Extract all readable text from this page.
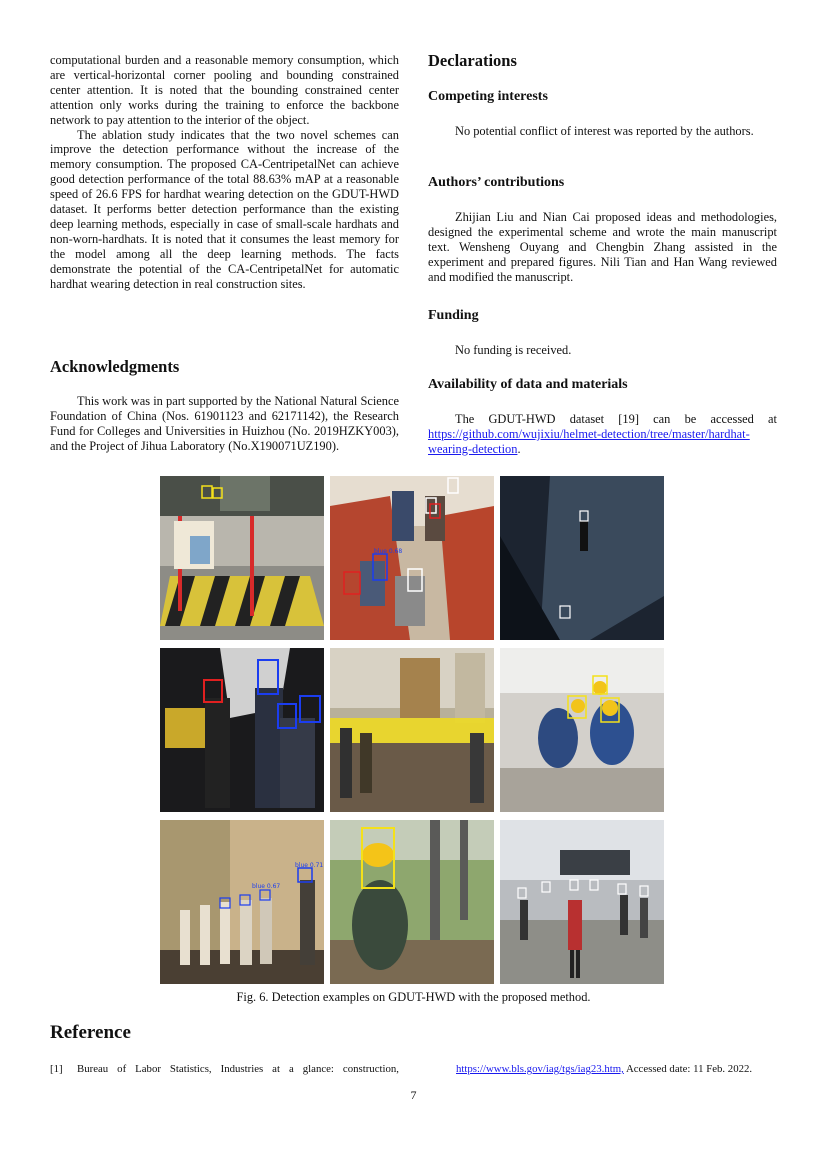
computational burden and a reasonable memory consumption, which are vertical-horizontal corner pooling and bounding constrained center attention. It is noted that the bounding constrained center attention only works during the training to enforce the backbone network to pay attention to the interior of the object.

The ablation study indicates that the two novel schemes can improve the detection performance without the increase of the memory consumption. The proposed CA-CentripetalNet can achieve good detection performance of the total 88.63% mAP at a reasonable speed of 26.6 FPS for hardhat wearing detection on the GDUT-HWD dataset. It performs better detection performance than the existing deep learning methods, especially in case of small-scale hardhats and non-worn-hardhats. It is noted that it consumes the least memory for the model among all the deep learning methods. The facts demonstrate the potential of the CA-CentripetalNet for automatic hardhat wearing detection in real construction sites.

Acknowledgments

This work was in part supported by the National Natural Science Foundation of China (Nos. 61901123 and 62171142), the Research Fund for Colleges and Universities in Huizhou (No. 2019HZKY003), and the Project of Jihua Laboratory (No.X190071UZ190).

Declarations
Competing interests

No potential conflict of interest was reported by the authors.

Authors’ contributions

Zhijian Liu and Nian Cai proposed ideas and methodologies, designed the experimental scheme and wrote the main manuscript text. Wensheng Ouyang and Chengbin Zhang assisted in the experiment and prepared figures. Nili Tian and Han Wang reviewed and modified the manuscript.

Funding

No funding is received.

Availability of data and materials

The GDUT-HWD dataset [19] can be accessed at https://github.com/wujixiu/helmet-detection/tree/master/hardhat-wearing-detection.

blue 0.68
blue 0.71
blue 0.67
Fig. 6. Detection examples on GDUT-HWD with the proposed method.
Reference
[1] Bureau of Labor Statistics, Industries at a glance: construction,	https://www.bls.gov/iag/tgs/iag23.htm, Accessed date: 11 Feb. 2022.
7
